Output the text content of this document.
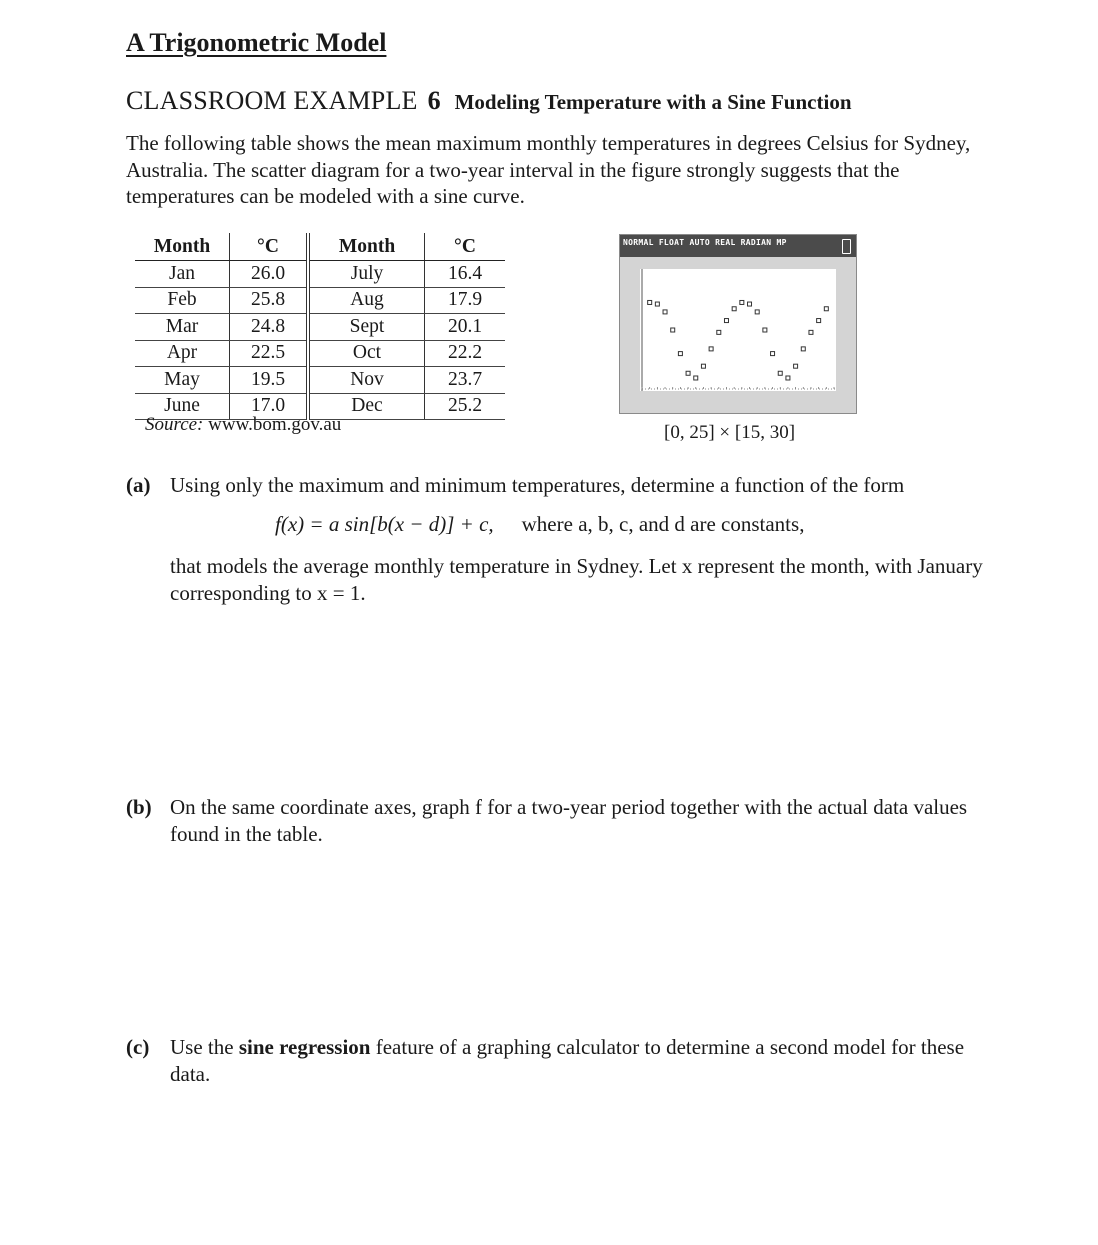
A Trigonometric Model
CLASSROOM EXAMPLE 6 Modeling Temperature with a Sine Function
The following table shows the mean maximum monthly temperatures in degrees Celsius for Sydney, Australia. The scatter diagram for a two-year interval in the figure strongly suggests that the temperatures can be modeled with a sine curve.
Month	°C	Month	°C
Jan	26.0	July	16.4
Feb	25.8	Aug	17.9
Mar	24.8	Sept	20.1
Apr	22.5	Oct	22.2
May	19.5	Nov	23.7
June	17.0	Dec	25.2
Source: www.bom.gov.au
NORMAL FLOAT AUTO REAL RADIAN MP
[0, 25] × [15, 30]
(a) Using only the maximum and minimum temperatures, determine a function of the form
f(x) = a sin[b(x − d)] + c, where a, b, c, and d are constants,
that models the average monthly temperature in Sydney. Let x represent the month, with January corresponding to x = 1.
(b) On the same coordinate axes, graph f for a two-year period together with the actual data values found in the table.
(c) Use the sine regression feature of a graphing calculator to determine a second model for these data.
